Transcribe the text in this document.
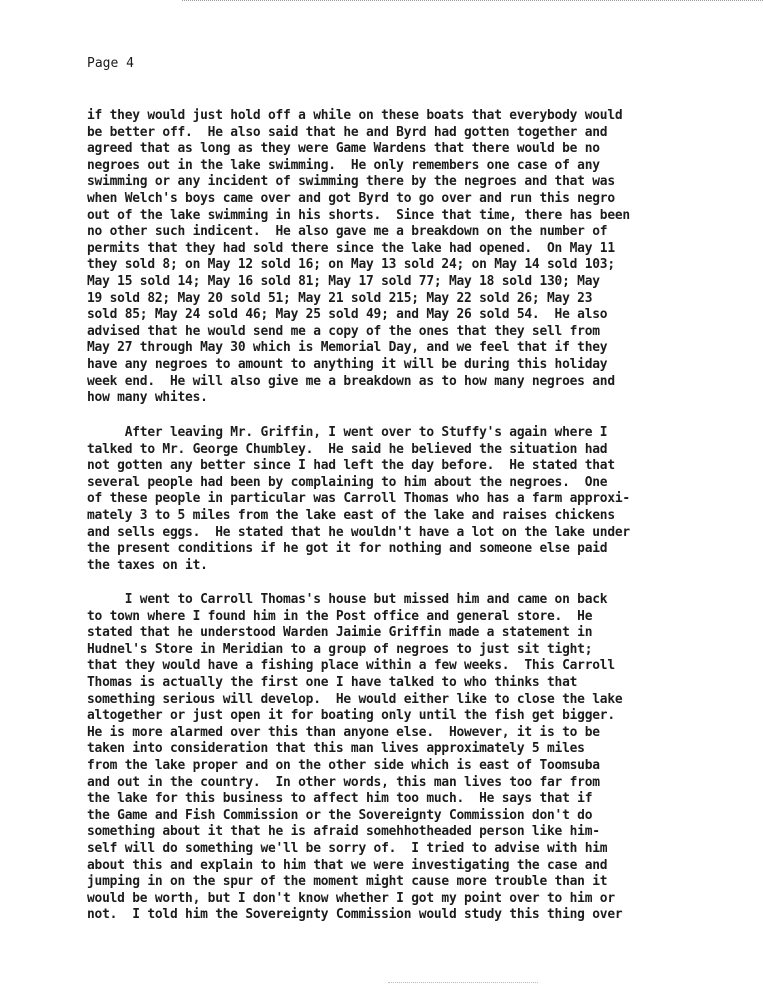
Page 4
if they would just hold off a while on these boats that everybody would
be better off.  He also said that he and Byrd had gotten together and
agreed that as long as they were Game Wardens that there would be no
negroes out in the lake swimming.  He only remembers one case of any
swimming or any incident of swimming there by the negroes and that was
when Welch's boys came over and got Byrd to go over and run this negro
out of the lake swimming in his shorts.  Since that time, there has been
no other such indicent.  He also gave me a breakdown on the number of
permits that they had sold there since the lake had opened.  On May 11
they sold 8; on May 12 sold 16; on May 13 sold 24; on May 14 sold 103;
May 15 sold 14; May 16 sold 81; May 17 sold 77; May 18 sold 130; May
19 sold 82; May 20 sold 51; May 21 sold 215; May 22 sold 26; May 23
sold 85; May 24 sold 46; May 25 sold 49; and May 26 sold 54.  He also
advised that he would send me a copy of the ones that they sell from
May 27 through May 30 which is Memorial Day, and we feel that if they
have any negroes to amount to anything it will be during this holiday
week end.  He will also give me a breakdown as to how many negroes and
how many whites.
After leaving Mr. Griffin, I went over to Stuffy's again where I
talked to Mr. George Chumbley.  He said he believed the situation had
not gotten any better since I had left the day before.  He stated that
several people had been by complaining to him about the negroes.  One
of these people in particular was Carroll Thomas who has a farm approxi-
mately 3 to 5 miles from the lake east of the lake and raises chickens
and sells eggs.  He stated that he wouldn't have a lot on the lake under
the present conditions if he got it for nothing and someone else paid
the taxes on it.
I went to Carroll Thomas's house but missed him and came on back
to town where I found him in the Post office and general store.  He
stated that he understood Warden Jaimie Griffin made a statement in
Hudnel's Store in Meridian to a group of negroes to just sit tight;
that they would have a fishing place within a few weeks.  This Carroll
Thomas is actually the first one I have talked to who thinks that
something serious will develop.  He would either like to close the lake
altogether or just open it for boating only until the fish get bigger.
He is more alarmed over this than anyone else.  However, it is to be
taken into consideration that this man lives approximately 5 miles
from the lake proper and on the other side which is east of Toomsuba
and out in the country.  In other words, this man lives too far from
the lake for this business to affect him too much.  He says that if
the Game and Fish Commission or the Sovereignty Commission don't do
something about it that he is afraid somehhotheaded person like him-
self will do something we'll be sorry of.  I tried to advise with him
about this and explain to him that we were investigating the case and
jumping in on the spur of the moment might cause more trouble than it
would be worth, but I don't know whether I got my point over to him or
not.  I told him the Sovereignty Commission would study this thing over
